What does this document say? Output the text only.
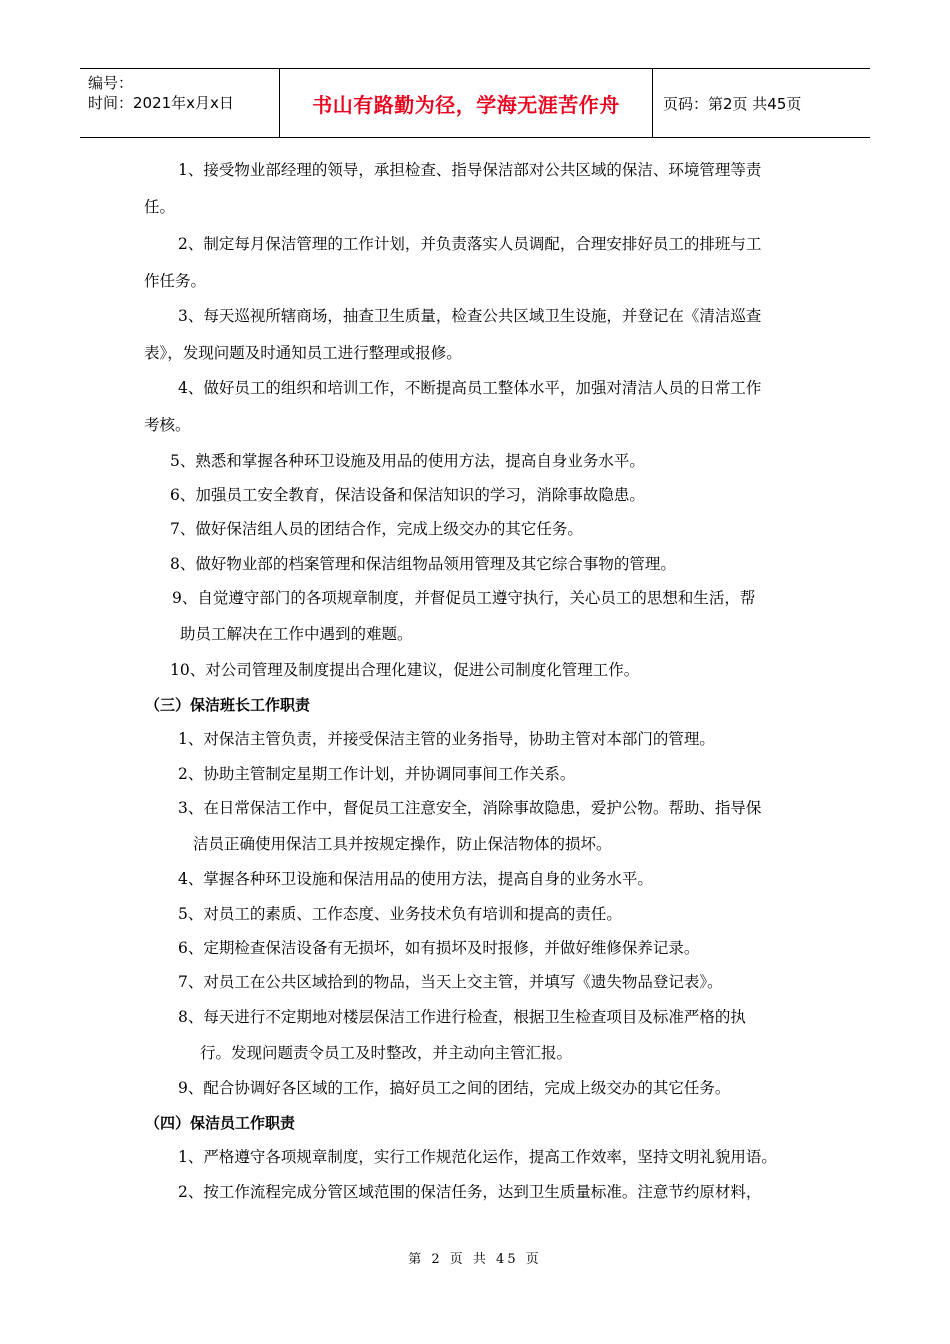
编号：
时间：2021年x月x日	书山有路勤为径，学海无涯苦作舟	页码：第2页 共45页
1、接受物业部经理的领导，承担检查、指导保洁部对公共区域的保洁、环境管理等责
任。
2、制定每月保洁管理的工作计划，并负责落实人员调配，合理安排好员工的排班与工
作任务。
3、每天巡视所辖商场，抽查卫生质量，检查公共区域卫生设施，并登记在《清洁巡查
表》，发现问题及时通知员工进行整理或报修。
4、做好员工的组织和培训工作，不断提高员工整体水平，加强对清洁人员的日常工作
考核。
5、熟悉和掌握各种环卫设施及用品的使用方法，提高自身业务水平。
6、加强员工安全教育，保洁设备和保洁知识的学习，消除事故隐患。
7、做好保洁组人员的团结合作，完成上级交办的其它任务。
8、做好物业部的档案管理和保洁组物品领用管理及其它综合事物的管理。
9、自觉遵守部门的各项规章制度，并督促员工遵守执行，关心员工的思想和生活，帮
助员工解决在工作中遇到的难题。
10、对公司管理及制度提出合理化建议，促进公司制度化管理工作。
（三）保洁班长工作职责
1、对保洁主管负责，并接受保洁主管的业务指导，协助主管对本部门的管理。
2、协助主管制定星期工作计划，并协调同事间工作关系。
3、在日常保洁工作中，督促员工注意安全，消除事故隐患，爱护公物。帮助、指导保
洁员正确使用保洁工具并按规定操作，防止保洁物体的损坏。
4、掌握各种环卫设施和保洁用品的使用方法，提高自身的业务水平。
5、对员工的素质、工作态度、业务技术负有培训和提高的责任。
6、定期检查保洁设备有无损坏，如有损坏及时报修，并做好维修保养记录。
7、对员工在公共区域拾到的物品，当天上交主管，并填写《遗失物品登记表》。
8、每天进行不定期地对楼层保洁工作进行检查，根据卫生检查项目及标准严格的执
行。发现问题责令员工及时整改，并主动向主管汇报。
9、配合协调好各区域的工作，搞好员工之间的团结，完成上级交办的其它任务。
（四）保洁员工作职责
1、严格遵守各项规章制度，实行工作规范化运作，提高工作效率，坚持文明礼貌用语。
2、按工作流程完成分管区域范围的保洁任务，达到卫生质量标准。注意节约原材料，
第 2 页 共 45 页
